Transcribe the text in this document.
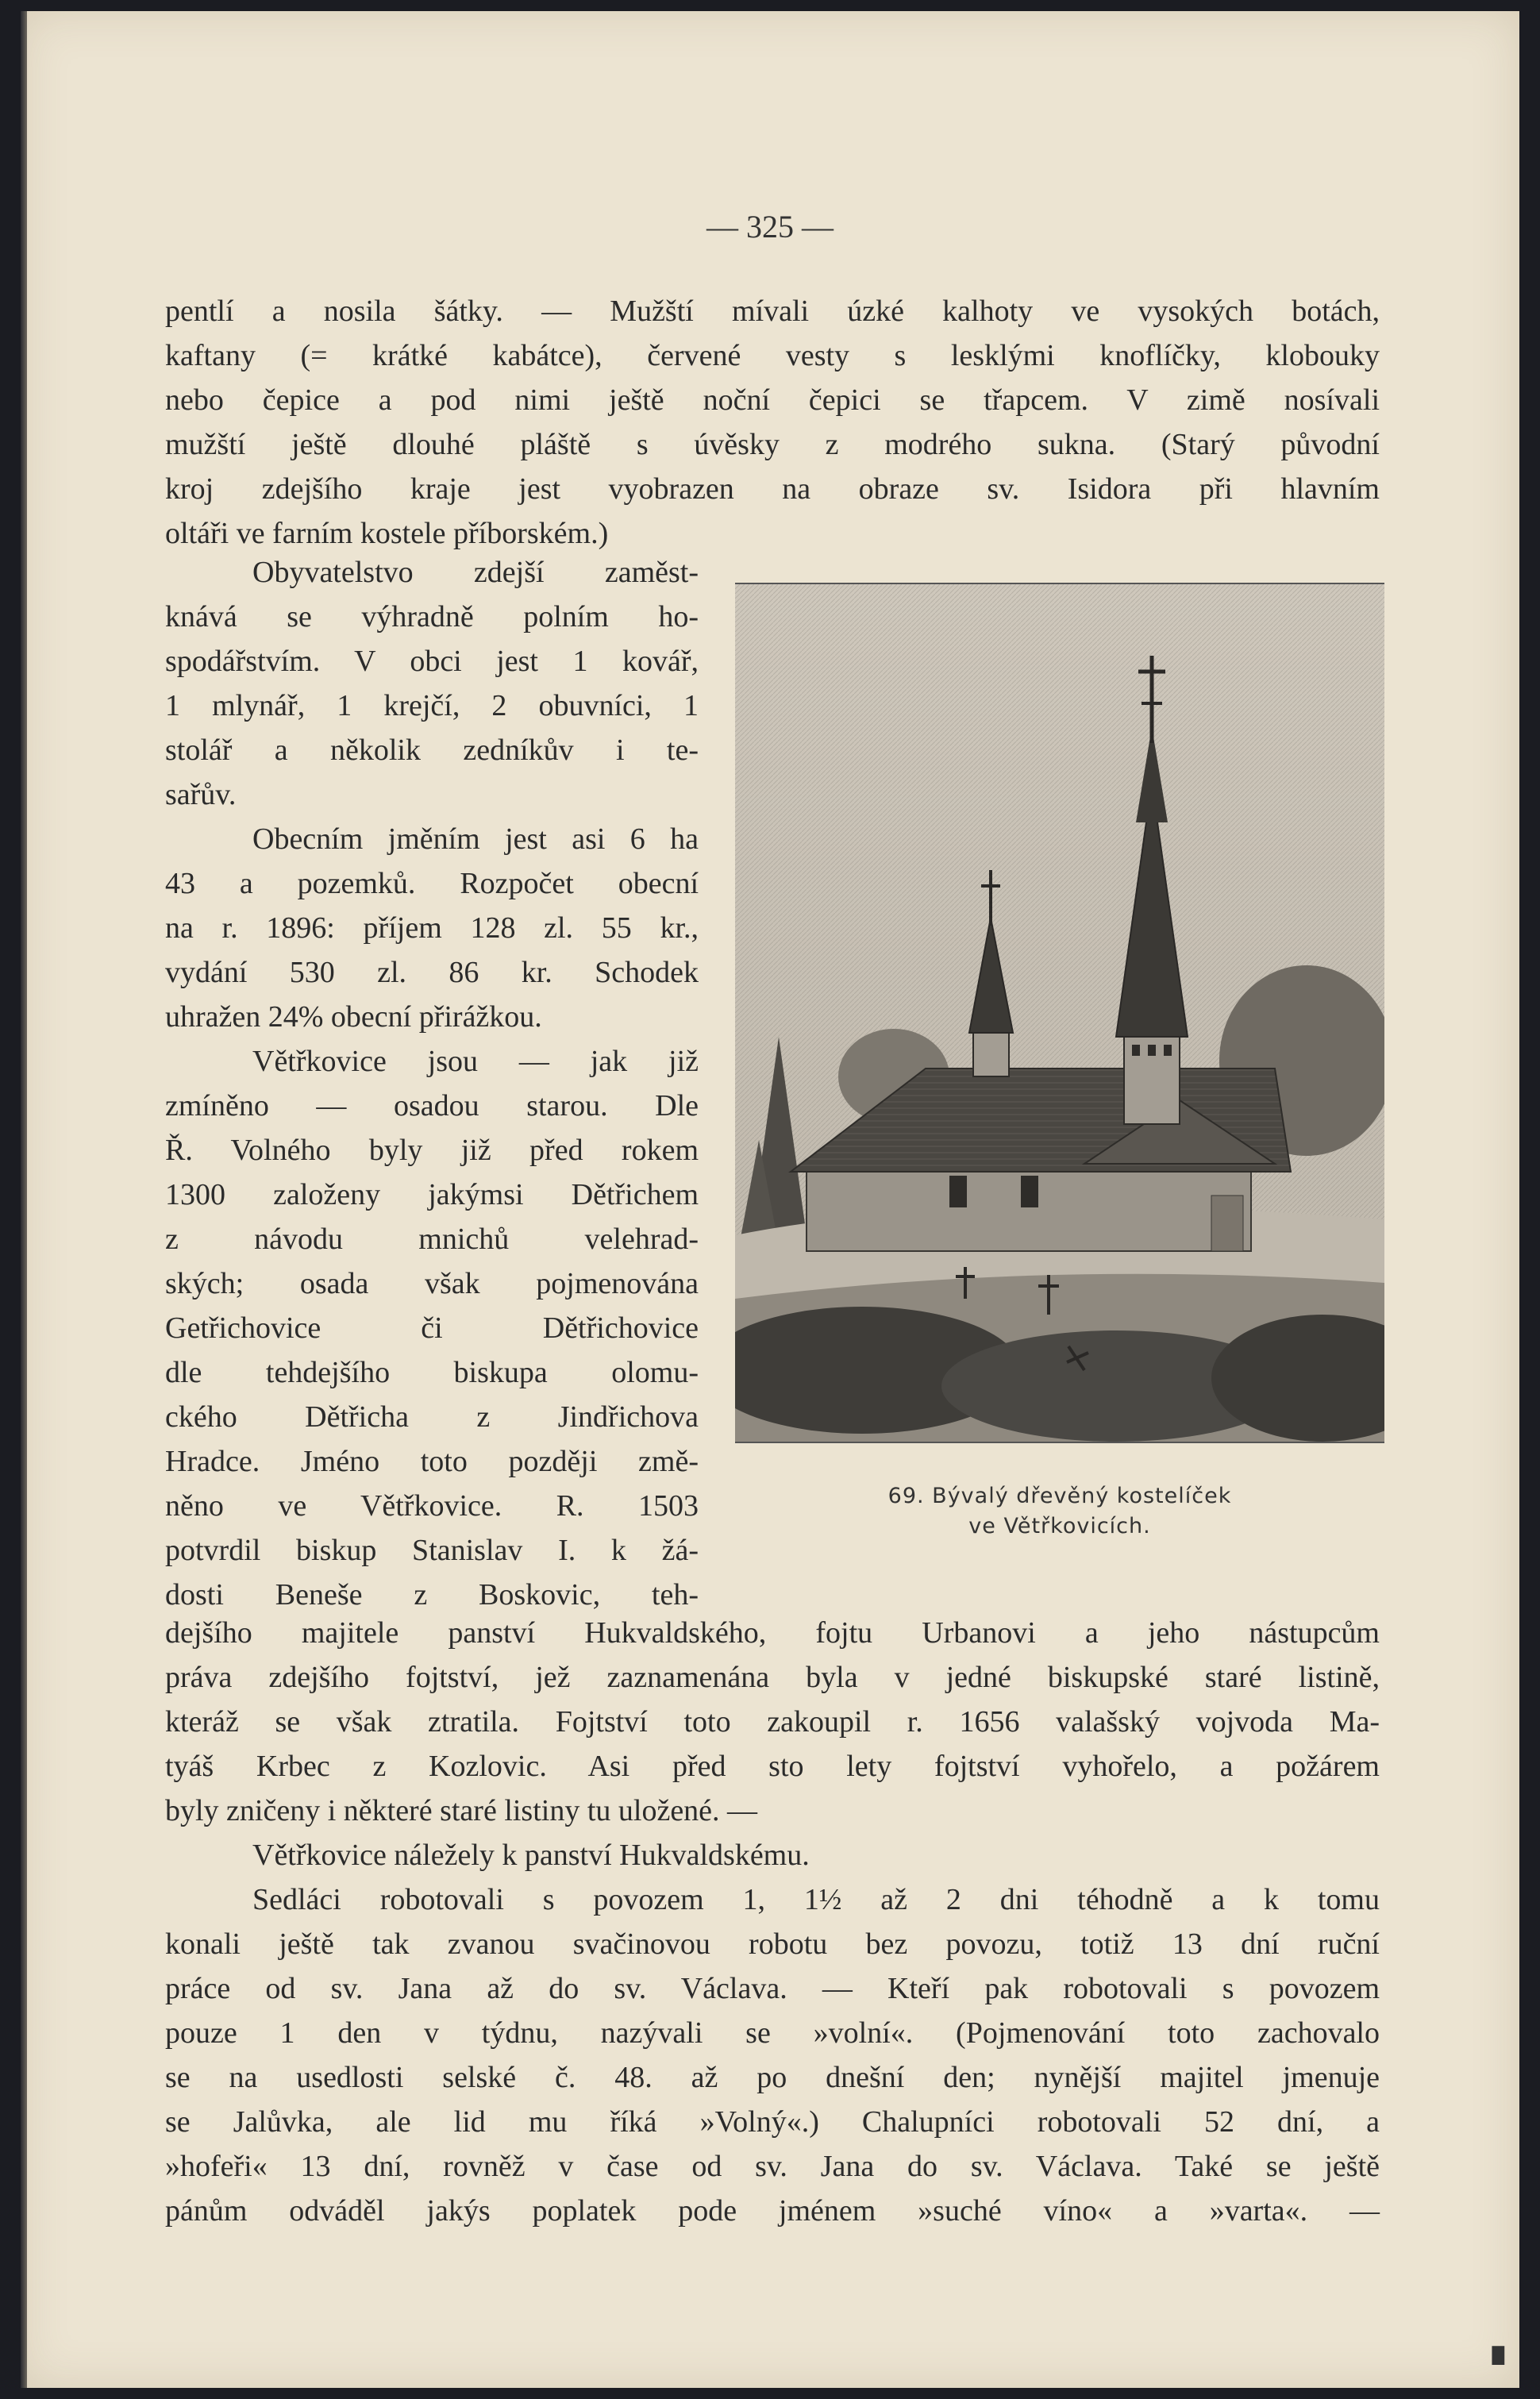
— 325 —
pentlí a nosila šátky. — Mužští mívali úzké kalhoty ve vysokých botách,
kaftany (= krátké kabátce), červené vesty s lesklými knoflíčky, klobouky
nebo čepice a pod nimi ještě noční čepici se třapcem. V zimě nosívali
mužští ještě dlouhé pláště s úvěsky z modrého sukna. (Starý původní
kroj zdejšího kraje jest vyobrazen na obraze sv. Isidora při hlavním
oltáři ve farním kostele příborském.)
Obyvatelstvo zdejší zaměst-
knává se výhradně polním ho-
spodářstvím. V obci jest 1 kovář,
1 mlynář, 1 krejčí, 2 obuvníci, 1
stolář a několik zedníkův i te-
sařův.
Obecním jměním jest asi 6 ha
43 a pozemků. Rozpočet obecní
na r. 1896: příjem 128 zl. 55 kr.,
vydání 530 zl. 86 kr. Schodek
uhražen 24% obecní přirážkou.
Větřkovice jsou — jak již
zmíněno — osadou starou. Dle
Ř. Volného byly již před rokem
1300 založeny jakýmsi Dětřichem
z návodu mnichů velehrad-
ských; osada však pojmenována
Getřichovice či Dětřichovice
dle tehdejšího biskupa olomu-
ckého Dětřicha z Jindřichova
Hradce. Jméno toto později změ-
něno ve Větřkovice. R. 1503
potvrdil biskup Stanislav I. k žá-
dosti Beneše z Boskovic, teh-
69. Bývalý dřevěný kostelíček
ve Větřkovicích.
dejšího majitele panství Hukvaldského, fojtu Urbanovi a jeho nástupcům
práva zdejšího fojtství, jež zaznamenána byla v jedné biskupské staré listině,
kteráž se však ztratila. Fojtství toto zakoupil r. 1656 valašský vojvoda Ma-
tyáš Krbec z Kozlovic. Asi před sto lety fojtství vyhořelo, a požárem
byly zničeny i některé staré listiny tu uložené. —
Větřkovice náležely k panství Hukvaldskému.
Sedláci robotovali s povozem 1, 1½ až 2 dni téhodně a k tomu
konali ještě tak zvanou svačinovou robotu bez povozu, totiž 13 dní ruční
práce od sv. Jana až do sv. Václava. — Kteří pak robotovali s povozem
pouze 1 den v týdnu, nazývali se »volní«. (Pojmenování toto zachovalo
se na usedlosti selské č. 48. až po dnešní den; nynější majitel jmenuje
se Jalůvka, ale lid mu říká »Volný«.) Chalupníci robotovali 52 dní, a
»hofeři« 13 dní, rovněž v čase od sv. Jana do sv. Václava. Také se ještě
pánům odváděl jakýs poplatek pode jménem »suché víno« a »varta«. —
▗
